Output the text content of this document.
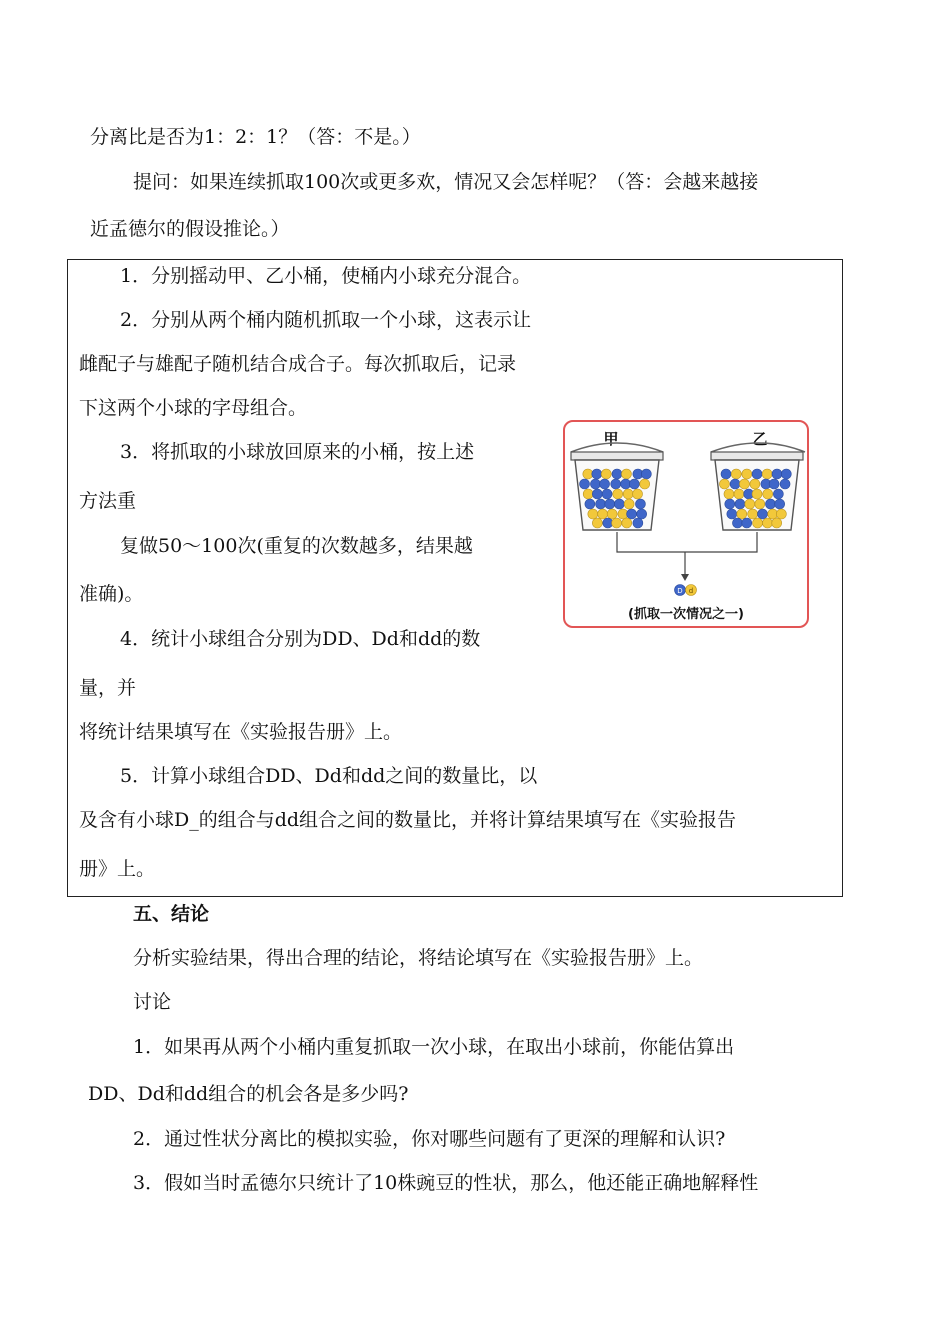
分离比是否为1：2：1？（答：不是。）
提问：如果连续抓取100次或更多欢，情况又会怎样呢？（答：会越来越接
近孟德尔的假设推论。）
1．分别摇动甲、乙小桶，使桶内小球充分混合。
2．分别从两个桶内随机抓取一个小球，这表示让
雌配子与雄配子随机结合成合子。每次抓取后，记录
下这两个小球的字母组合。
3．将抓取的小球放回原来的小桶，按上述
方法重
复做50～100次(重复的次数越多，结果越
准确)。
4．统计小球组合分别为DD、Dd和dd的数
量，并
将统计结果填写在《实验报告册》上。
5．计算小球组合DD、Dd和dd之间的数量比，以
及含有小球D_的组合与dd组合之间的数量比，并将计算结果填写在《实验报告
册》上。
甲	乙
D d
(抓取一次情况之一)
五、结论
分析实验结果，得出合理的结论，将结论填写在《实验报告册》上。
讨论
1．如果再从两个小桶内重复抓取一次小球，在取出小球前，你能估算出
DD、Dd和dd组合的机会各是多少吗?
2．通过性状分离比的模拟实验，你对哪些问题有了更深的理解和认识?
3．假如当时孟德尔只统计了10株豌豆的性状，那么，他还能正确地解释性
